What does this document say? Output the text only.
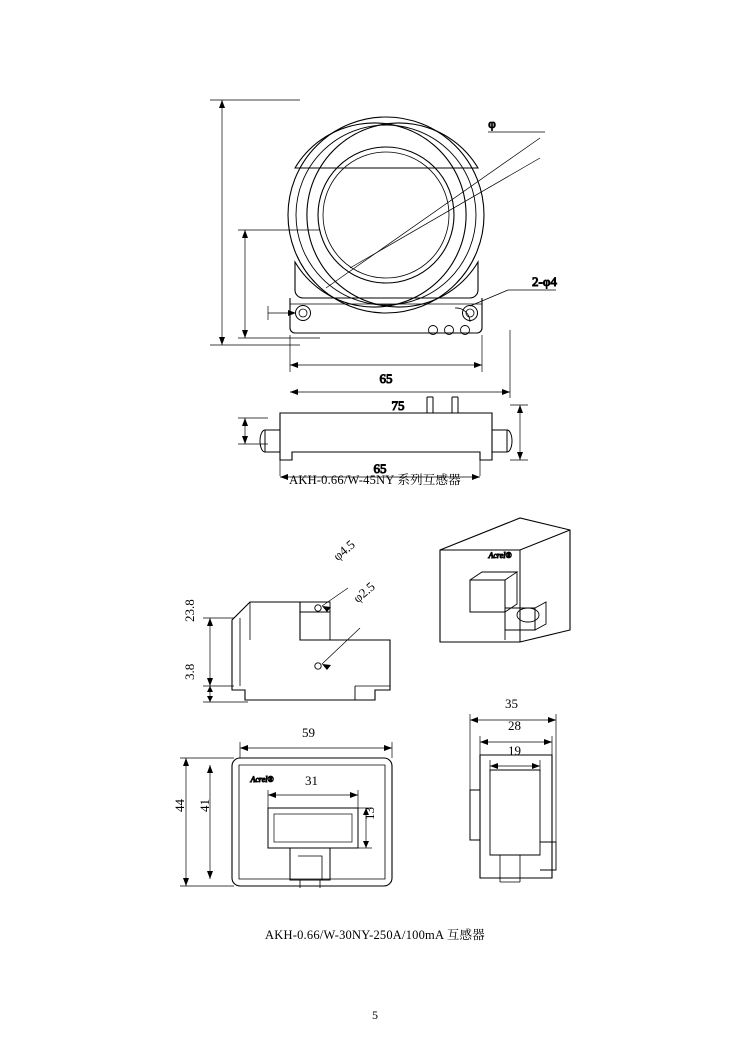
65
75
φ
2-φ4
65
AKH-0.66/W-45NY 系列互感器
Acrel®
Acrel®
φ4.5
φ2.5
23.8
3.8
59
31
44 41
13
35
28
19
AKH-0.66/W-30NY-250A/100mA 互感器
5
